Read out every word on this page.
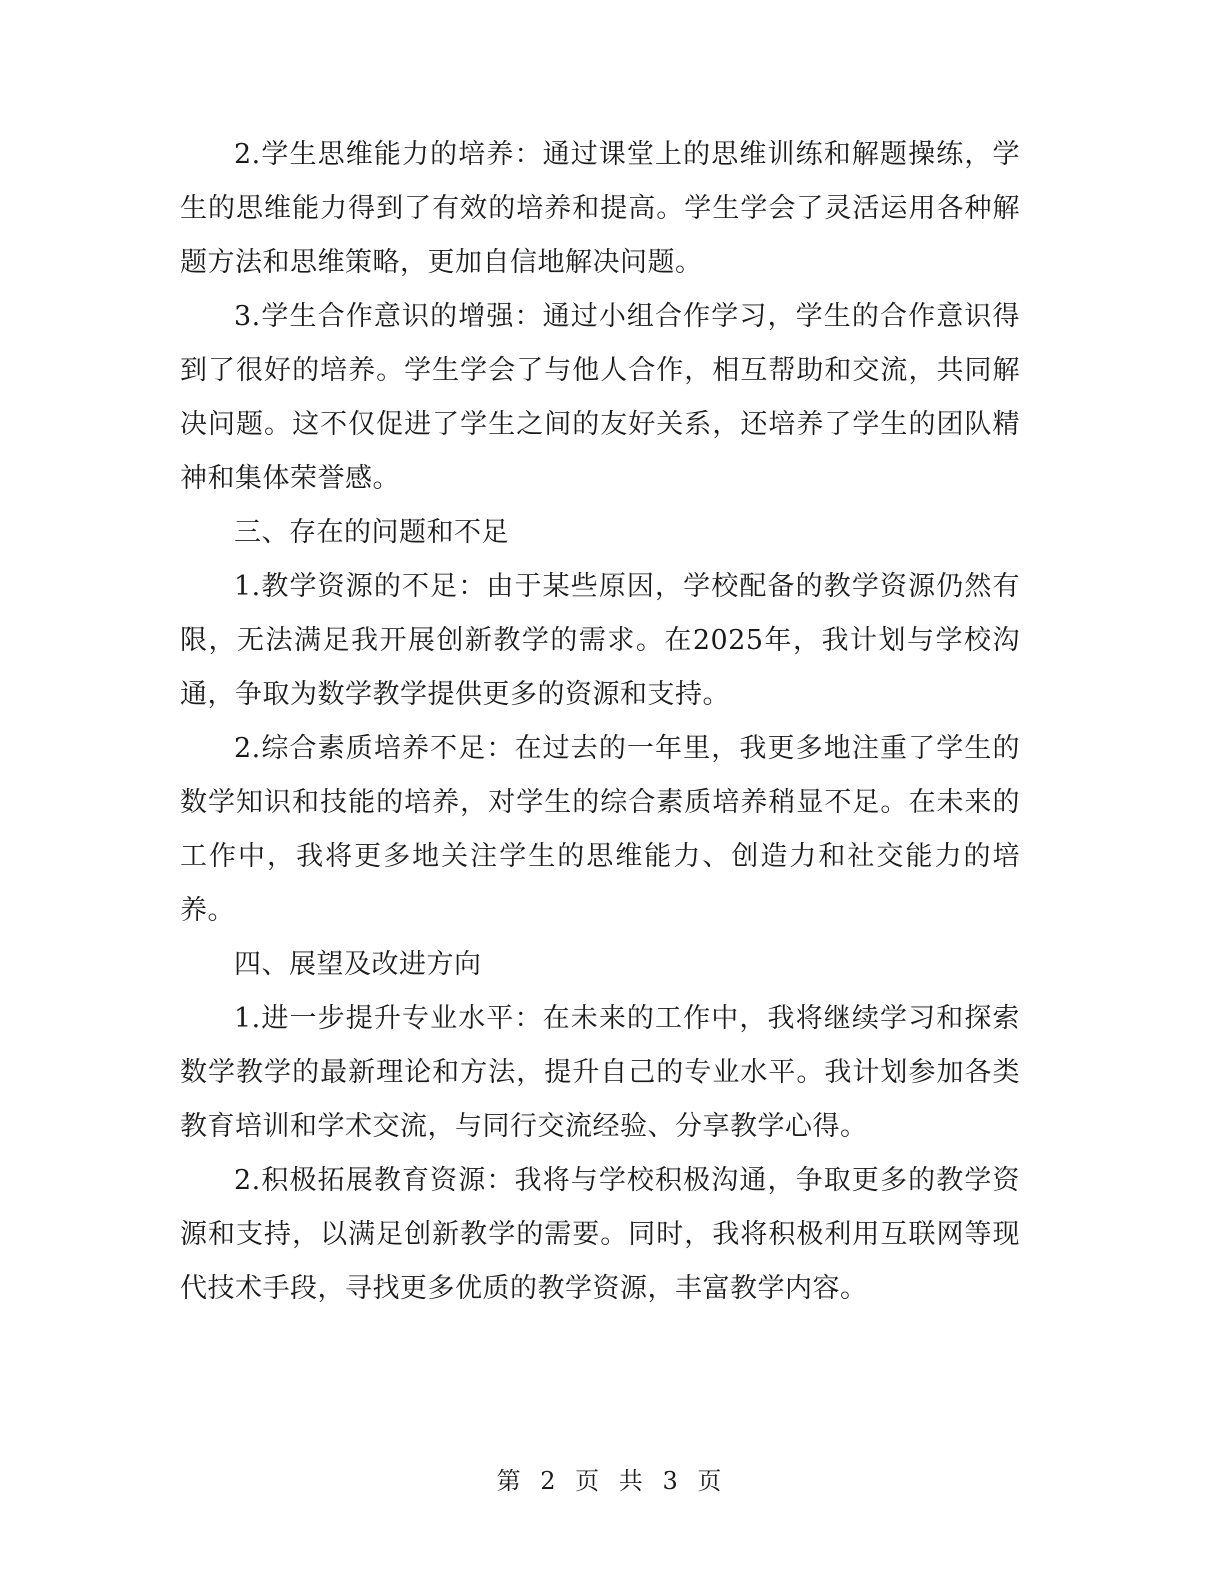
2.学生思维能力的培养：通过课堂上的思维训练和解题操练，学生的思维能力得到了有效的培养和提高。学生学会了灵活运用各种解题方法和思维策略，更加自信地解决问题。

3.学生合作意识的增强：通过小组合作学习，学生的合作意识得到了很好的培养。学生学会了与他人合作，相互帮助和交流，共同解决问题。这不仅促进了学生之间的友好关系，还培养了学生的团队精神和集体荣誉感。

三、存在的问题和不足

1.教学资源的不足：由于某些原因，学校配备的教学资源仍然有限，无法满足我开展创新教学的需求。在2025年，我计划与学校沟通，争取为数学教学提供更多的资源和支持。

2.综合素质培养不足：在过去的一年里，我更多地注重了学生的数学知识和技能的培养，对学生的综合素质培养稍显不足。在未来的工作中，我将更多地关注学生的思维能力、创造力和社交能力的培养。

四、展望及改进方向

1.进一步提升专业水平：在未来的工作中，我将继续学习和探索数学教学的最新理论和方法，提升自己的专业水平。我计划参加各类教育培训和学术交流，与同行交流经验、分享教学心得。

2.积极拓展教育资源：我将与学校积极沟通，争取更多的教学资源和支持，以满足创新教学的需要。同时，我将积极利用互联网等现代技术手段，寻找更多优质的教学资源，丰富教学内容。

第 2 页 共 3 页
